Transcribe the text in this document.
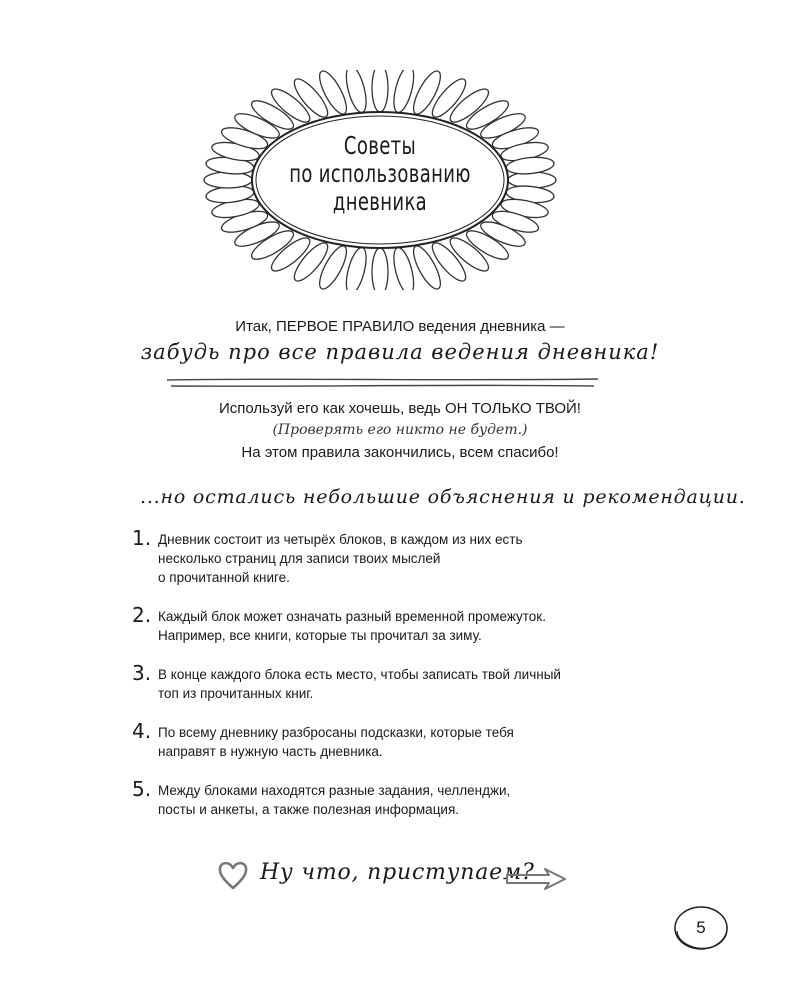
Советы
по использованию
дневника
Итак, ПЕРВОЕ ПРАВИЛО ведения дневника —
забудь про все правила ведения дневника!
Используй его как хочешь, ведь ОН ТОЛЬКО ТВОЙ!
(Проверять его никто не будет.)
На этом правила закончились, всем спасибо!
...но остались небольшие объяснения и рекомендации.
1. Дневник состоит из четырёх блоков, в каждом из них есть
несколько страниц для записи твоих мыслей
о прочитанной книге.
2. Каждый блок может означать разный временной промежуток.
Например, все книги, которые ты прочитал за зиму.
3. В конце каждого блока есть место, чтобы записать твой личный
топ из прочитанных книг.
4. По всему дневнику разбросаны подсказки, которые тебя
направят в нужную часть дневника.
5. Между блоками находятся разные задания, челленджи,
посты и анкеты, а также полезная информация.
Ну что, приступаем?
5
